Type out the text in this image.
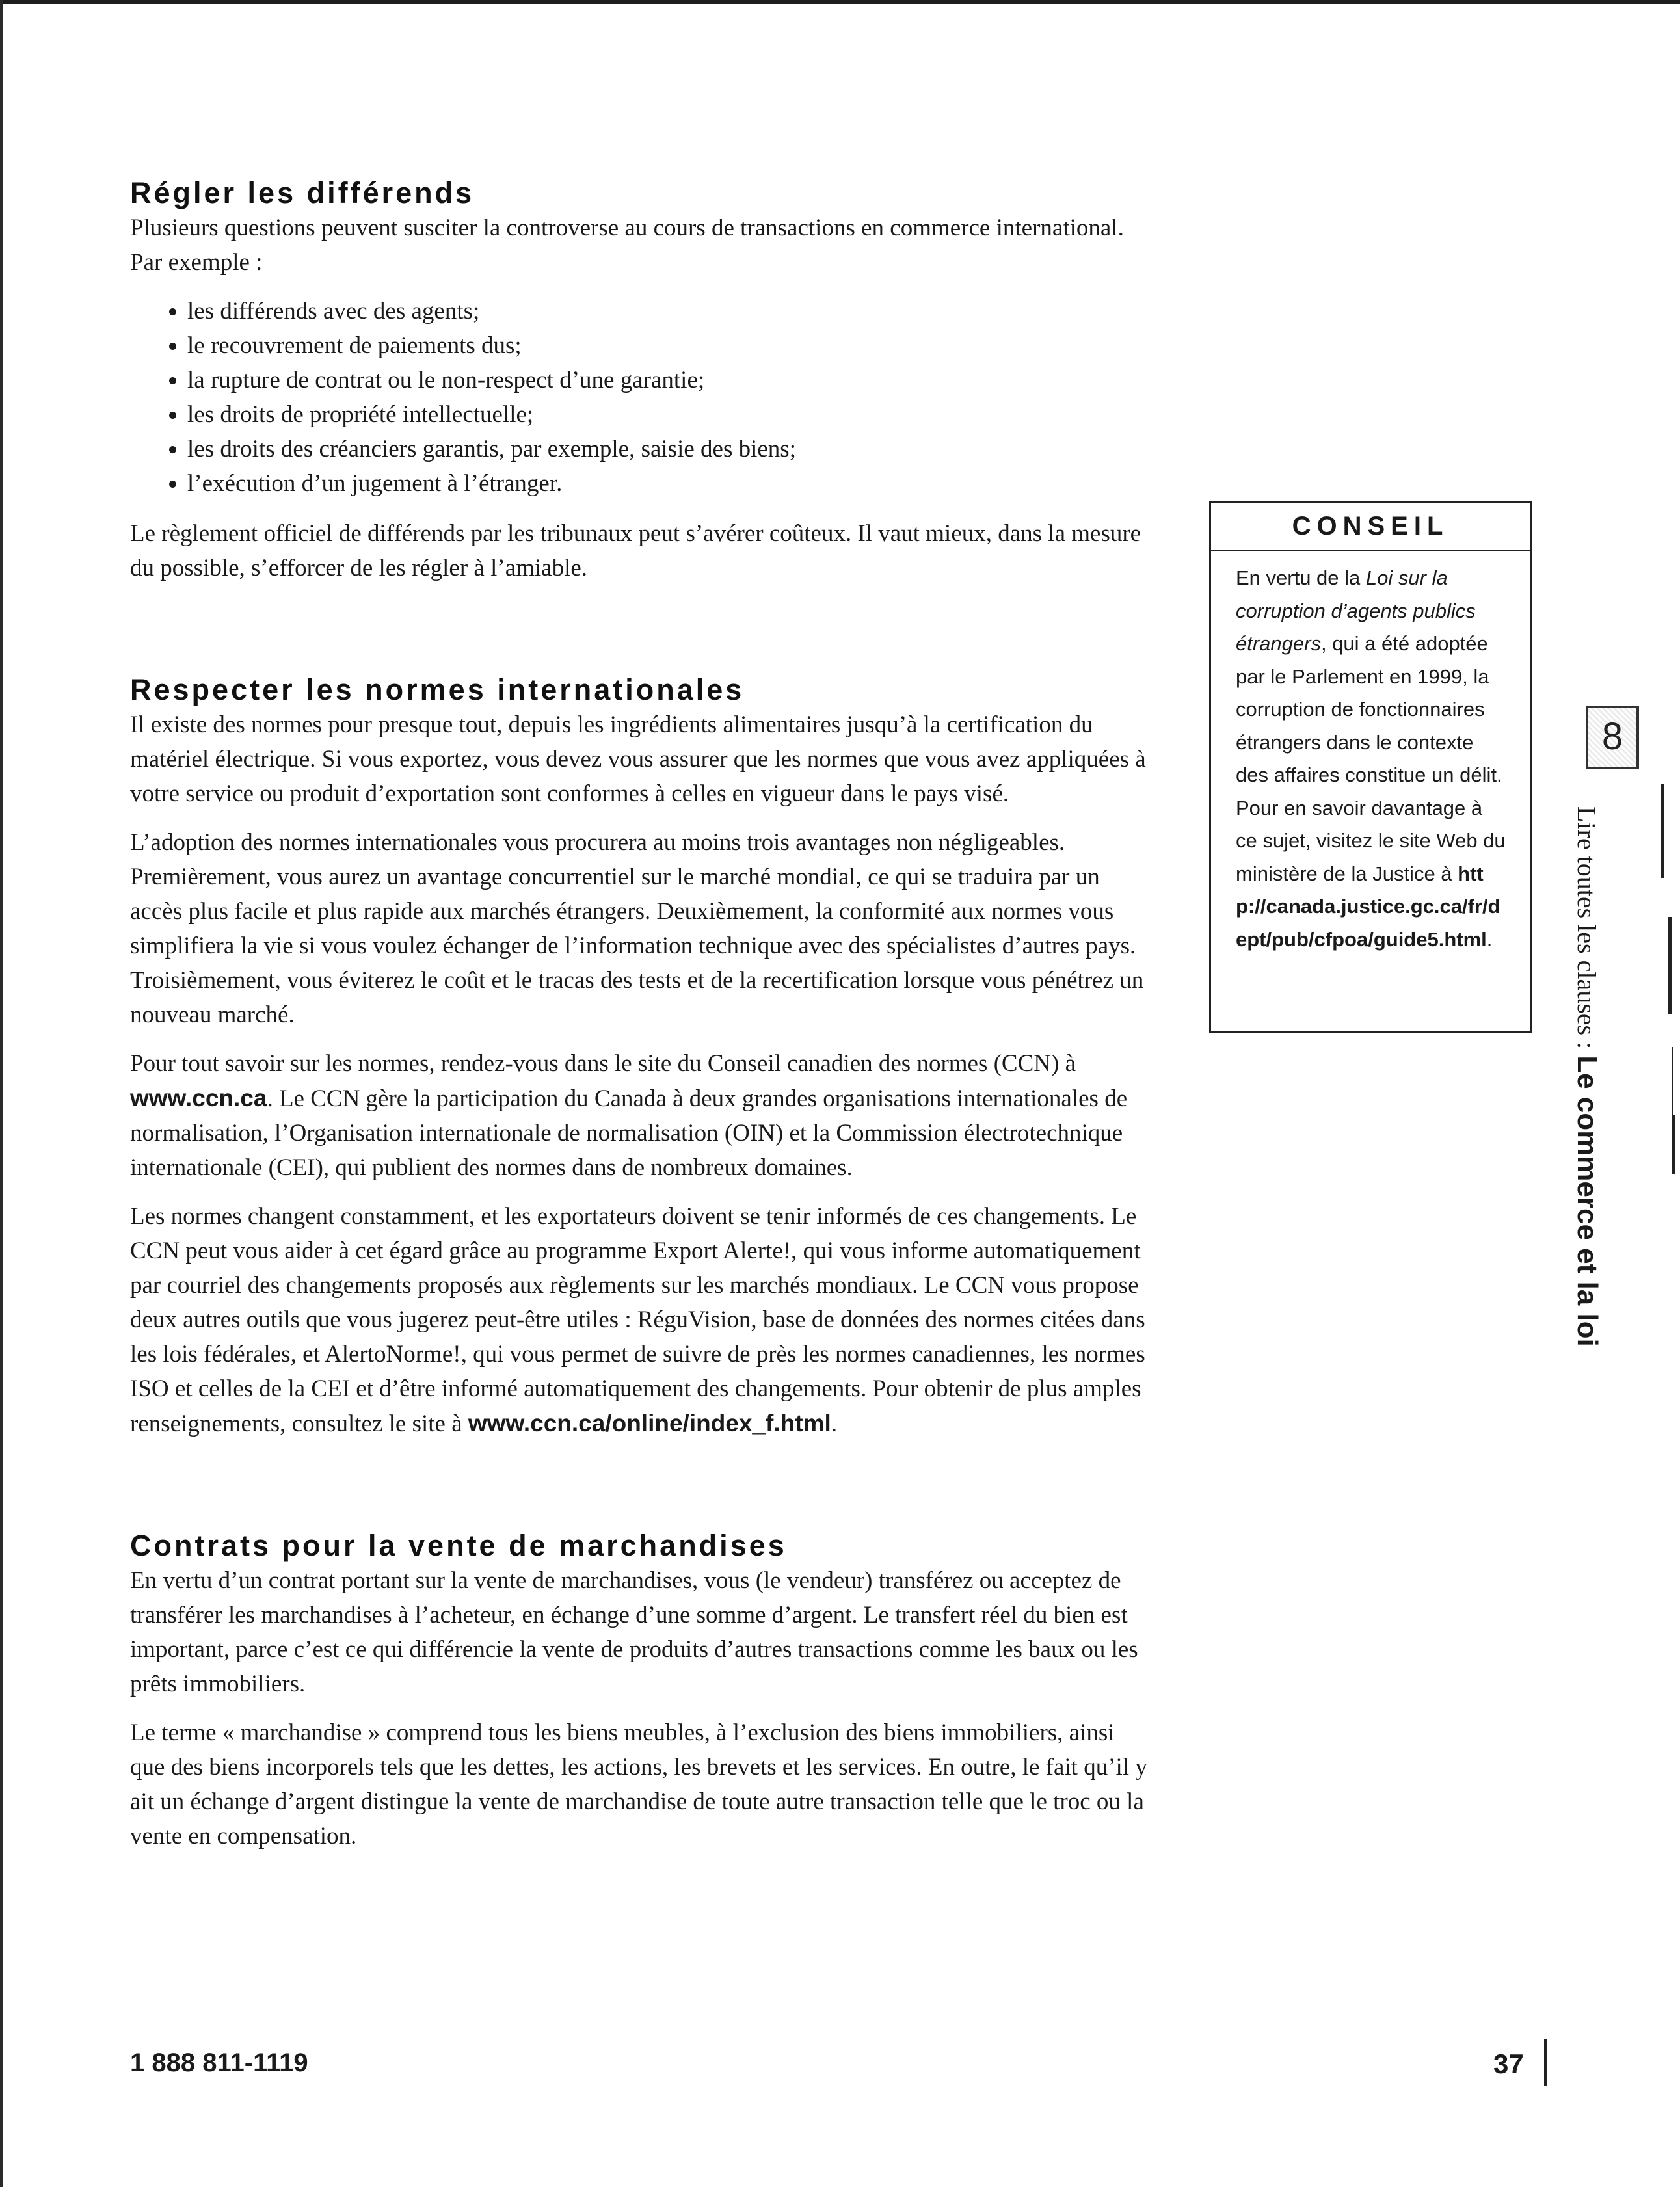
Régler les différends

Plusieurs questions peuvent susciter la controverse au cours de transactions en commerce international. Par exemple :

• les différends avec des agents;
• le recouvrement de paiements dus;
• la rupture de contrat ou le non-respect d’une garantie;
• les droits de propriété intellectuelle;
• les droits des créanciers garantis, par exemple, saisie des biens;
• l’exécution d’un jugement à l’étranger.

Le règlement officiel de différends par les tribunaux peut s’avérer coûteux. Il vaut mieux, dans la mesure du possible, s’efforcer de les régler à l’amiable.

Respecter les normes internationales

Il existe des normes pour presque tout, depuis les ingrédients alimentaires jusqu’à la certification du matériel électrique. Si vous exportez, vous devez vous assurer que les normes que vous avez appliquées à votre service ou produit d’exportation sont conformes à celles en vigueur dans le pays visé.

L’adoption des normes internationales vous procurera au moins trois avantages non négligeables. Premièrement, vous aurez un avantage concurrentiel sur le marché mondial, ce qui se traduira par un accès plus facile et plus rapide aux marchés étrangers. Deuxièmement, la conformité aux normes vous simplifiera la vie si vous voulez échanger de l’information technique avec des spécialistes d’autres pays. Troisièmement, vous éviterez le coût et le tracas des tests et de la recertification lorsque vous pénétrez un nouveau marché.

Pour tout savoir sur les normes, rendez-vous dans le site du Conseil canadien des normes (CCN) à www.ccn.ca. Le CCN gère la participation du Canada à deux grandes organisations internationales de normalisation, l’Organisation internationale de normalisation (OIN) et la Commission électrotechnique internationale (CEI), qui publient des normes dans de nombreux domaines.

Les normes changent constamment, et les exportateurs doivent se tenir informés de ces changements. Le CCN peut vous aider à cet égard grâce au programme Export Alerte!, qui vous informe automatiquement par courriel des changements proposés aux règlements sur les marchés mondiaux. Le CCN vous propose deux autres outils que vous jugerez peut-être utiles : RéguVision, base de données des normes citées dans les lois fédérales, et AlertoNorme!, qui vous permet de suivre de près les normes canadiennes, les normes ISO et celles de la CEI et d’être informé automatiquement des changements. Pour obtenir de plus amples renseignements, consultez le site à www.ccn.ca/online/index_f.html.

Contrats pour la vente de marchandises

En vertu d’un contrat portant sur la vente de marchandises, vous (le vendeur) transférez ou acceptez de transférer les marchandises à l’acheteur, en échange d’une somme d’argent. Le transfert réel du bien est important, parce c’est ce qui différencie la vente de produits d’autres transactions comme les baux ou les prêts immobiliers.

Le terme « marchandise » comprend tous les biens meubles, à l’exclusion des biens immobiliers, ainsi que des biens incorporels tels que les dettes, les actions, les brevets et les services. En outre, le fait qu’il y ait un échange d’argent distingue la vente de marchandise de toute autre transaction telle que le troc ou la vente en compensation.

CONSEIL
En vertu de la Loi sur la corruption d’agents publics étrangers, qui a été adoptée par le Parlement en 1999, la corruption de fonctionnaires étrangers dans le contexte des affaires constitue un délit. Pour en savoir davantage à ce sujet, visitez le site Web du ministère de la Justice à http://canada.justice.gc.ca/fr/dept/pub/cfpoa/guide5.html.
8
Lire toutes les clauses : Le commerce et la loi
1 888 811-1119	37
